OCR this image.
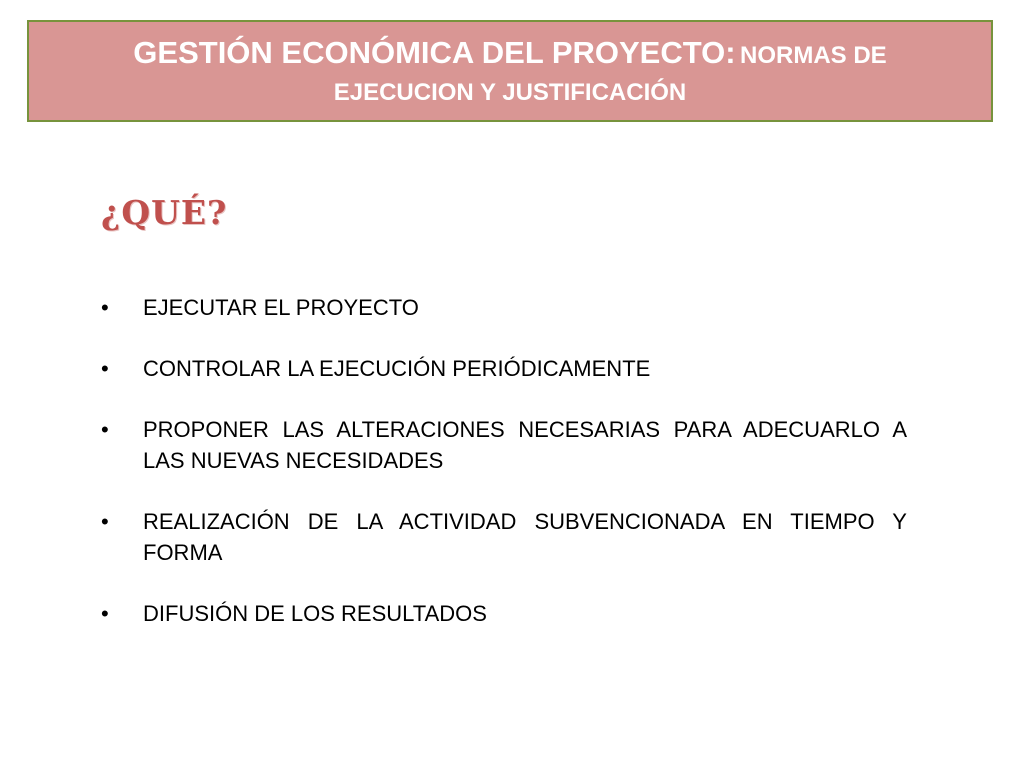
GESTIÓN ECONÓMICA DEL PROYECTO: NORMAS DE
EJECUCION Y JUSTIFICACIÓN
¿QUÉ?
• EJECUTAR EL PROYECTO
• CONTROLAR LA EJECUCIÓN PERIÓDICAMENTE
• PROPONER LAS ALTERACIONES NECESARIAS PARA ADECUARLO A LAS NUEVAS NECESIDADES
• REALIZACIÓN DE LA ACTIVIDAD SUBVENCIONADA EN TIEMPO Y FORMA
• DIFUSIÓN DE LOS RESULTADOS
